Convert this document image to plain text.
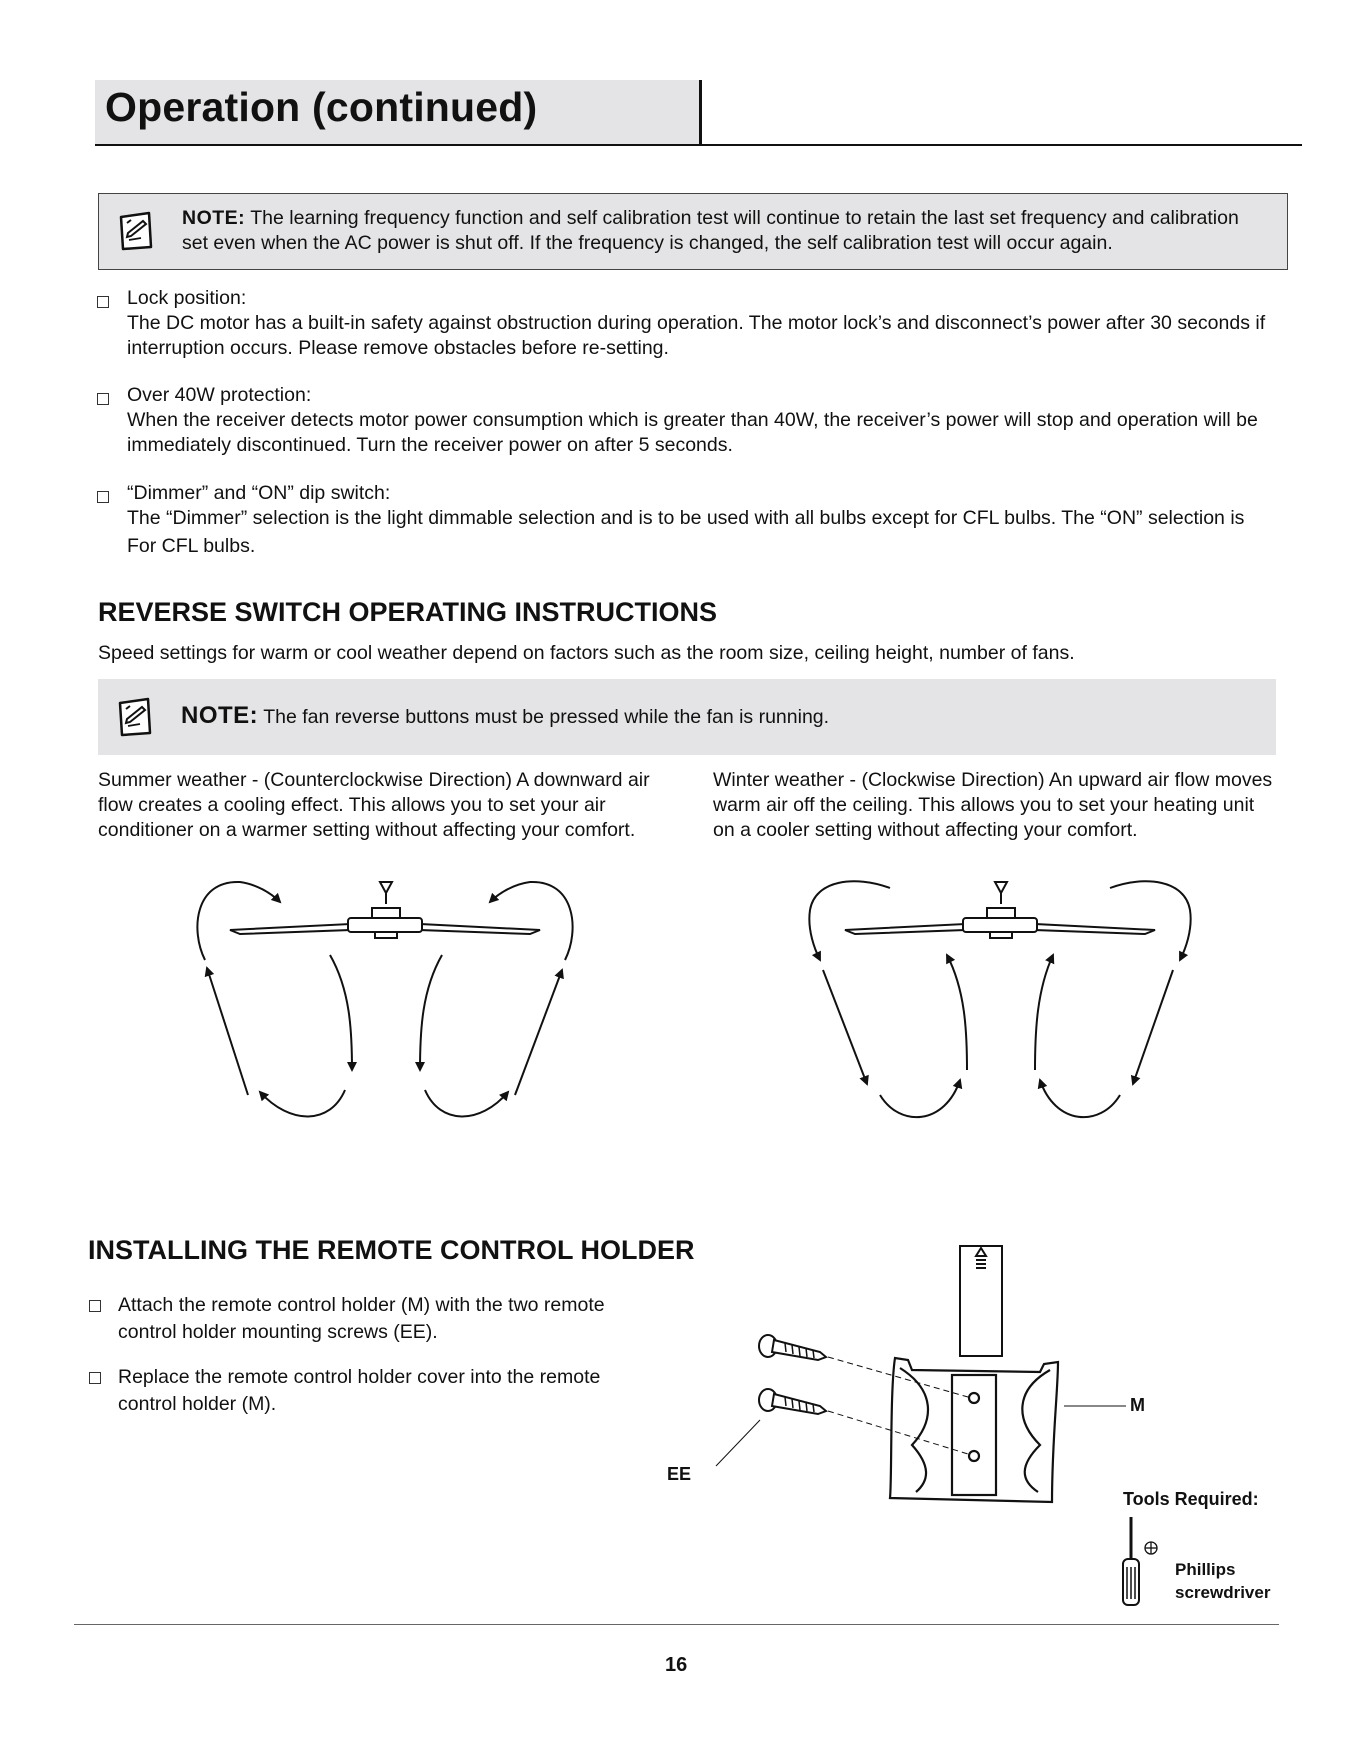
Operation (continued)
NOTE: The learning frequency function and self calibration test will continue to retain the last set frequency and calibration
set even when the AC power is shut off. If the frequency is changed, the self calibration test will occur again.
Lock position:
The DC motor has a built-in safety against obstruction during operation. The motor lock’s and disconnect’s power after 30 seconds if
interruption occurs. Please remove obstacles before re-setting.
Over 40W protection:
When the receiver detects motor power consumption which is greater than 40W, the receiver’s power will stop and operation will be
immediately discontinued. Turn the receiver power on after 5 seconds.
“Dimmer” and “ON” dip switch:
The “Dimmer” selection is the light dimmable selection and is to be used with all bulbs except for CFL bulbs. The “ON” selection is
For CFL bulbs.
REVERSE SWITCH OPERATING INSTRUCTIONS
Speed settings for warm or cool weather depend on factors such as the room size, ceiling height, number of fans.
NOTE: The fan reverse buttons must be pressed while the fan is running.
Summer weather - (Counterclockwise Direction) A downward air
flow creates a cooling effect. This allows you to set your air
conditioner on a warmer setting without affecting your comfort.
Winter weather - (Clockwise Direction) An upward air flow moves
warm air off the ceiling. This allows you to set your heating unit
on a cooler setting without affecting your comfort.
INSTALLING THE REMOTE CONTROL HOLDER
Attach the remote control holder (M) with the two remote
control holder mounting screws (EE).
Replace the remote control holder cover into the remote
control holder (M).	M
EE
Tools Required:
Phillips
screwdriver
16
